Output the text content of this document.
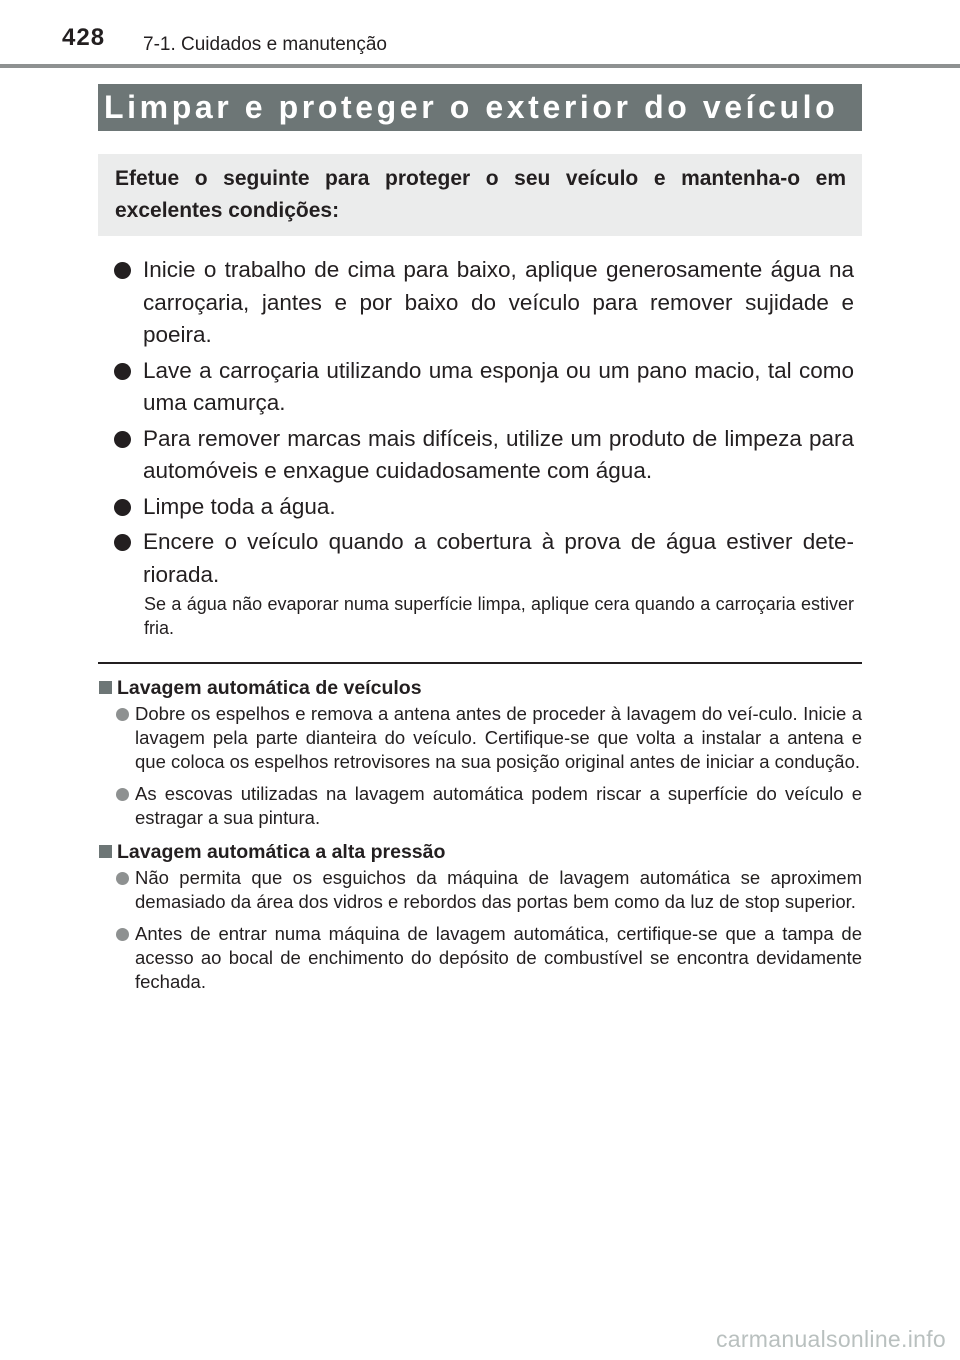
428 7-1. Cuidados e manutenção
Limpar e proteger o exterior do veículo
Efetue o seguinte para proteger o seu veículo e mantenha-o em excelentes condições:
Inicie o trabalho de cima para baixo, aplique generosamente água na carroçaria, jantes e por baixo do veículo para remover sujidade e poeira.
Lave a carroçaria utilizando uma esponja ou um pano macio, tal como uma camurça.
Para remover marcas mais difíceis, utilize um produto de limpeza para automóveis e enxague cuidadosamente com água.
Limpe toda a água.
Encere o veículo quando a cobertura à prova de água estiver dete-riorada.
Se a água não evaporar numa superfície limpa, aplique cera quando a carroçaria estiver fria.
Lavagem automática de veículos
Dobre os espelhos e remova a antena antes de proceder à lavagem do veí-culo. Inicie a lavagem pela parte dianteira do veículo. Certifique-se que volta a instalar a antena e que coloca os espelhos retrovisores na sua posição original antes de iniciar a condução.
As escovas utilizadas na lavagem automática podem riscar a superfície do veículo e estragar a sua pintura.
Lavagem automática a alta pressão
Não permita que os esguichos da máquina de lavagem automática se aproximem demasiado da área dos vidros e rebordos das portas bem como da luz de stop superior.
Antes de entrar numa máquina de lavagem automática, certifique-se que a tampa de acesso ao bocal de enchimento do depósito de combustível se encontra devidamente fechada.
carmanualsonline.info
